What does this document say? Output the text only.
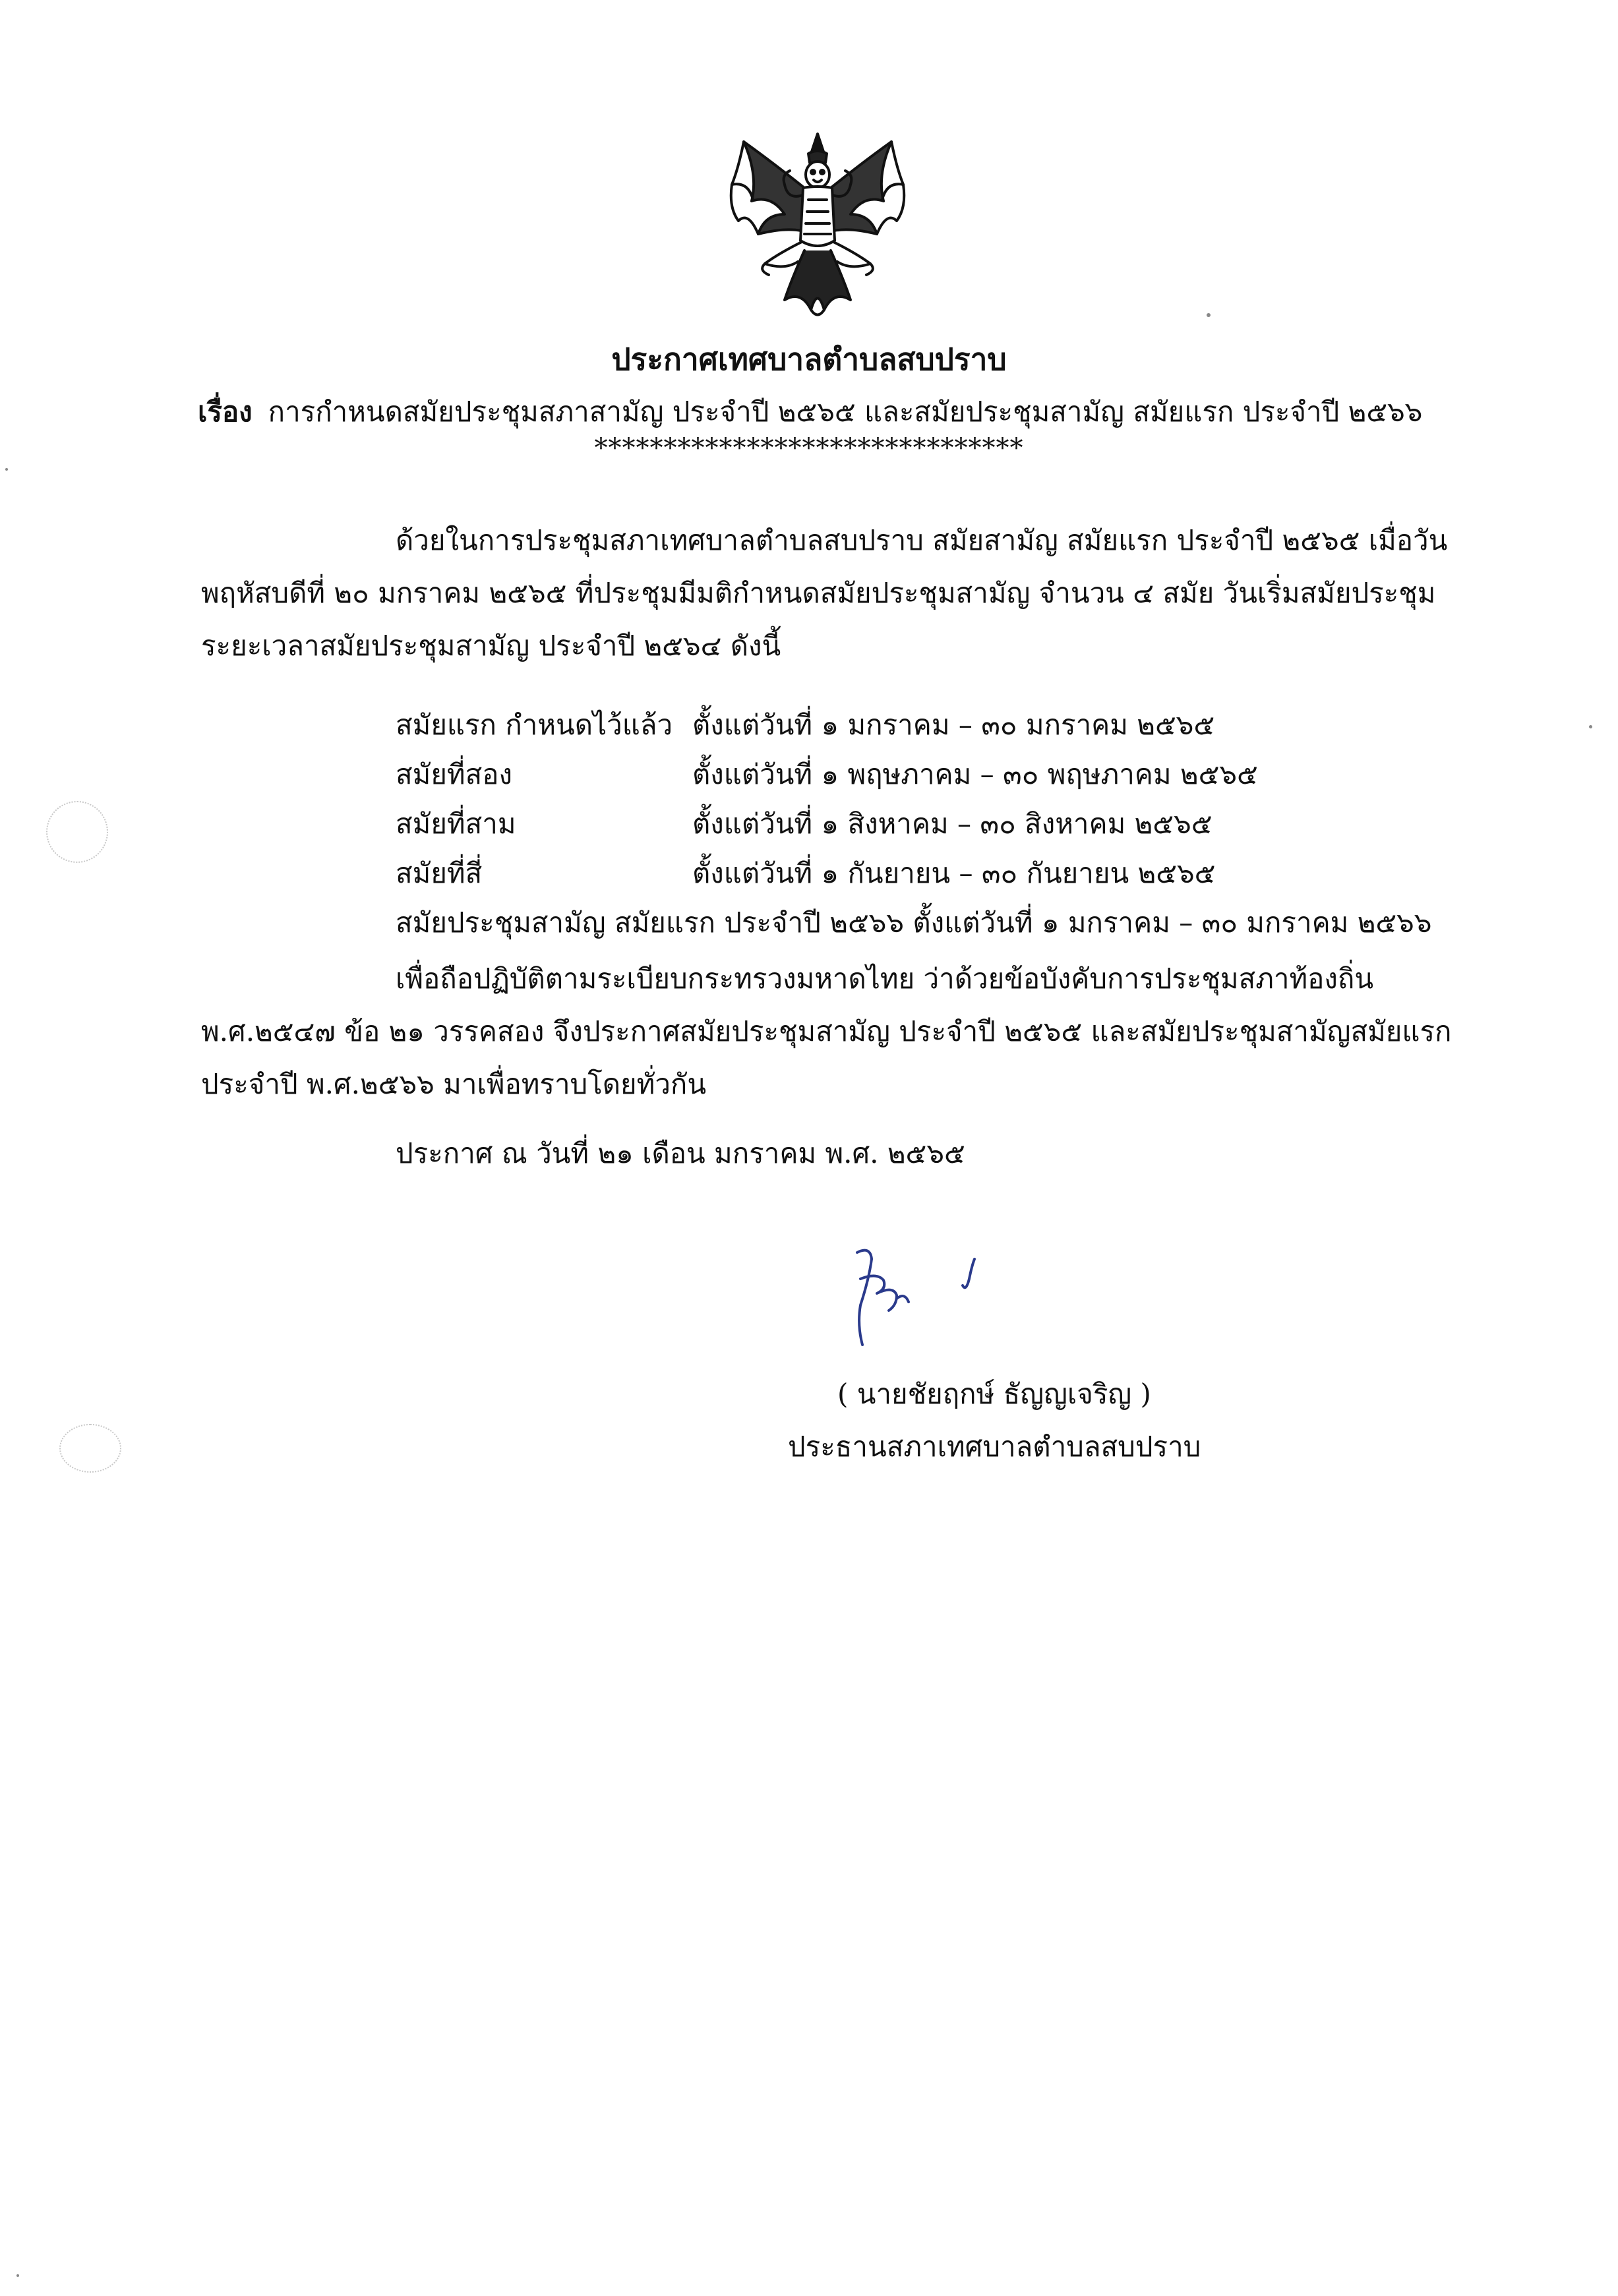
ประกาศเทศบาลตำบลสบปราบ
เรื่อง การกำหนดสมัยประชุมสภาสามัญ ประจำปี ๒๕๖๕ และสมัยประชุมสามัญ สมัยแรก ประจำปี ๒๕๖๖
*******************************
ด้วยในการประชุมสภาเทศบาลตำบลสบปราบ สมัยสามัญ สมัยแรก ประจำปี ๒๕๖๕ เมื่อวัน
พฤหัสบดีที่ ๒๐ มกราคม ๒๕๖๕ ที่ประชุมมีมติกำหนดสมัยประชุมสามัญ จำนวน ๔ สมัย วันเริ่มสมัยประชุม
ระยะเวลาสมัยประชุมสามัญ ประจำปี ๒๕๖๔ ดังนี้
สมัยแรก กำหนดไว้แล้ว ตั้งแต่วันที่ ๑ มกราคม – ๓๐ มกราคม ๒๕๖๕
สมัยที่สอง	ตั้งแต่วันที่ ๑ พฤษภาคม – ๓๐ พฤษภาคม ๒๕๖๕
สมัยที่สาม	ตั้งแต่วันที่ ๑ สิงหาคม – ๓๐ สิงหาคม ๒๕๖๕
สมัยที่สี่	ตั้งแต่วันที่ ๑ กันยายน – ๓๐ กันยายน ๒๕๖๕
สมัยประชุมสามัญ สมัยแรก ประจำปี ๒๕๖๖ ตั้งแต่วันที่ ๑ มกราคม – ๓๐ มกราคม ๒๕๖๖
เพื่อถือปฏิบัติตามระเบียบกระทรวงมหาดไทย ว่าด้วยข้อบังคับการประชุมสภาท้องถิ่น
พ.ศ.๒๕๔๗ ข้อ ๒๑ วรรคสอง จึงประกาศสมัยประชุมสามัญ ประจำปี ๒๕๖๕ และสมัยประชุมสามัญสมัยแรก
ประจำปี พ.ศ.๒๕๖๖ มาเพื่อทราบโดยทั่วกัน
ประกาศ ณ วันที่ ๒๑ เดือน มกราคม พ.ศ. ๒๕๖๕
( นายชัยฤกษ์ ธัญญเจริญ )
ประธานสภาเทศบาลตำบลสบปราบ
